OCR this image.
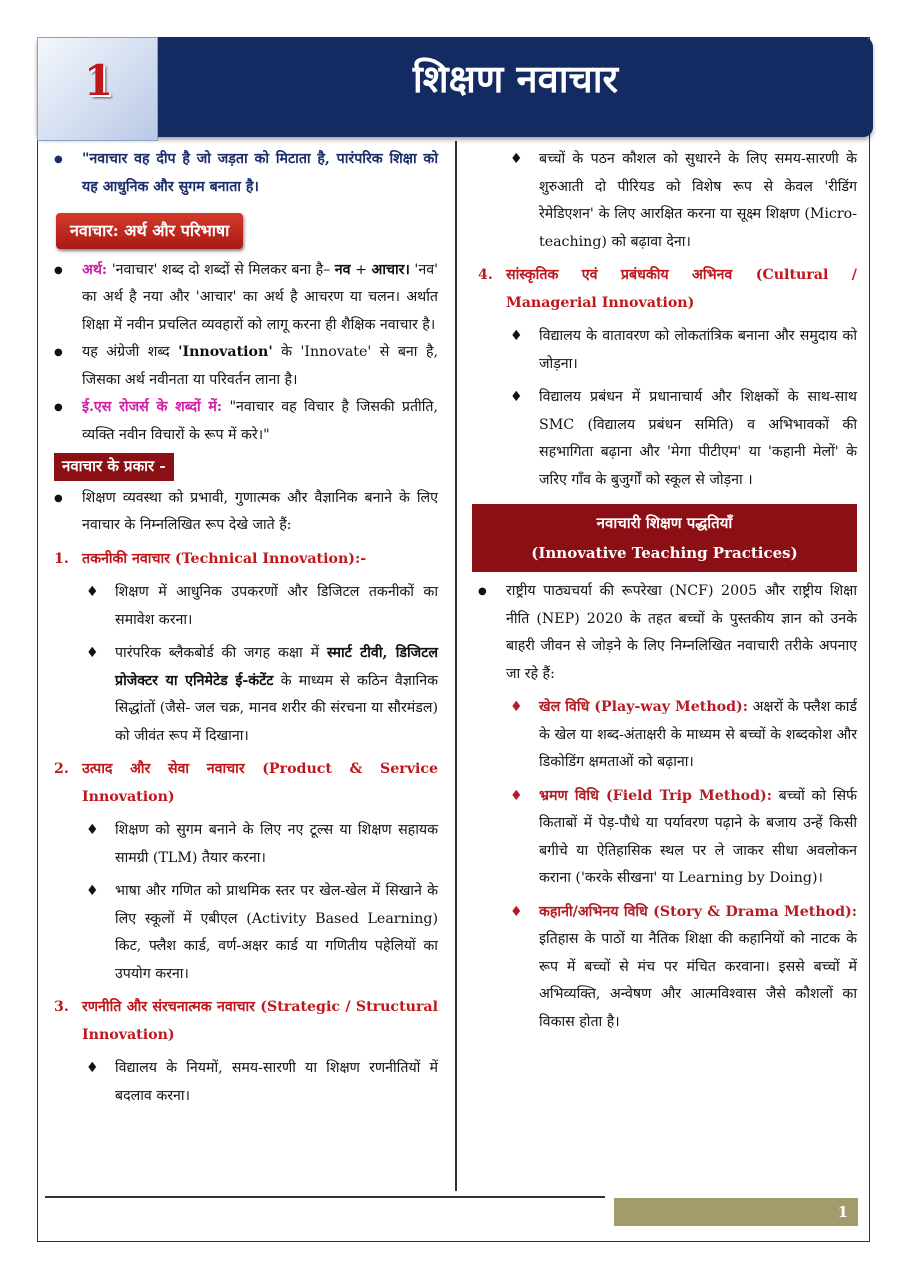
1	शिक्षण नवाचार

● "नवाचार वह दीप है जो जड़ता को मिटाता है, पारंपरिक शिक्षा को यह आधुनिक और सुगम बनाता है।

नवाचार: अर्थ और परिभाषा

● अर्थ: 'नवाचार' शब्द दो शब्दों से मिलकर बना है– नव + आचार। 'नव' का अर्थ है नया और 'आचार' का अर्थ है आचरण या चलन। अर्थात शिक्षा में नवीन प्रचलित व्यवहारों को लागू करना ही शैक्षिक नवाचार है।

● यह अंग्रेजी शब्द 'Innovation' के 'Innovate' से बना है, जिसका अर्थ नवीनता या परिवर्तन लाना है।

● ई.एस रोजर्स के शब्दों में: "नवाचार वह विचार है जिसकी प्रतीति, व्यक्ति नवीन विचारों के रूप में करे।"

नवाचार के प्रकार -

● शिक्षण व्यवस्था को प्रभावी, गुणात्मक और वैज्ञानिक बनाने के लिए नवाचार के निम्नलिखित रूप देखे जाते हैं:

1. तकनीकी नवाचार (Technical Innovation):-

♦ शिक्षण में आधुनिक उपकरणों और डिजिटल तकनीकों का समावेश करना।

♦ पारंपरिक ब्लैकबोर्ड की जगह कक्षा में स्मार्ट टीवी, डिजिटल प्रोजेक्टर या एनिमेटेड ई-कंटेंट के माध्यम से कठिन वैज्ञानिक सिद्धांतों (जैसे- जल चक्र, मानव शरीर की संरचना या सौरमंडल) को जीवंत रूप में दिखाना।

2. उत्पाद और सेवा नवाचार (Product & Service Innovation)

♦ शिक्षण को सुगम बनाने के लिए नए टूल्स या शिक्षण सहायक सामग्री (TLM) तैयार करना।

♦ भाषा और गणित को प्राथमिक स्तर पर खेल-खेल में सिखाने के लिए स्कूलों में एबीएल (Activity Based Learning) किट, फ्लैश कार्ड, वर्ण-अक्षर कार्ड या गणितीय पहेलियों का उपयोग करना।

3. रणनीति और संरचनात्मक नवाचार (Strategic / Structural Innovation)

♦ विद्यालय के नियमों, समय-सारणी या शिक्षण रणनीतियों में बदलाव करना।

♦ बच्चों के पठन कौशल को सुधारने के लिए समय-सारणी के शुरुआती दो पीरियड को विशेष रूप से केवल 'रीडिंग रेमेडिएशन' के लिए आरक्षित करना या सूक्ष्म शिक्षण (Micro-teaching) को बढ़ावा देना।

4. सांस्कृतिक एवं प्रबंधकीय अभिनव (Cultural / Managerial Innovation)

♦ विद्यालय के वातावरण को लोकतांत्रिक बनाना और समुदाय को जोड़ना।

♦ विद्यालय प्रबंधन में प्रधानाचार्य और शिक्षकों के साथ-साथ SMC (विद्यालय प्रबंधन समिति) व अभिभावकों की सहभागिता बढ़ाना और 'मेगा पीटीएम' या 'कहानी मेलों' के जरिए गाँव के बुजुर्गों को स्कूल से जोड़ना ।

नवाचारी शिक्षण पद्धतियाँ
(Innovative Teaching Practices)

● राष्ट्रीय पाठ्यचर्या की रूपरेखा (NCF) 2005 और राष्ट्रीय शिक्षा नीति (NEP) 2020 के तहत बच्चों के पुस्तकीय ज्ञान को उनके बाहरी जीवन से जोड़ने के लिए निम्नलिखित नवाचारी तरीके अपनाए जा रहे हैं:

♦ खेल विधि (Play-way Method): अक्षरों के फ्लैश कार्ड के खेल या शब्द-अंताक्षरी के माध्यम से बच्चों के शब्दकोश और डिकोडिंग क्षमताओं को बढ़ाना।

♦ भ्रमण विधि (Field Trip Method): बच्चों को सिर्फ किताबों में पेड़-पौधे या पर्यावरण पढ़ाने के बजाय उन्हें किसी बगीचे या ऐतिहासिक स्थल पर ले जाकर सीधा अवलोकन कराना ('करके सीखना' या Learning by Doing)।

♦ कहानी/अभिनय विधि (Story & Drama Method): इतिहास के पाठों या नैतिक शिक्षा की कहानियों को नाटक के रूप में बच्चों से मंच पर मंचित करवाना। इससे बच्चों में अभिव्यक्ति, अन्वेषण और आत्मविश्वास जैसे कौशलों का विकास होता है।

1
